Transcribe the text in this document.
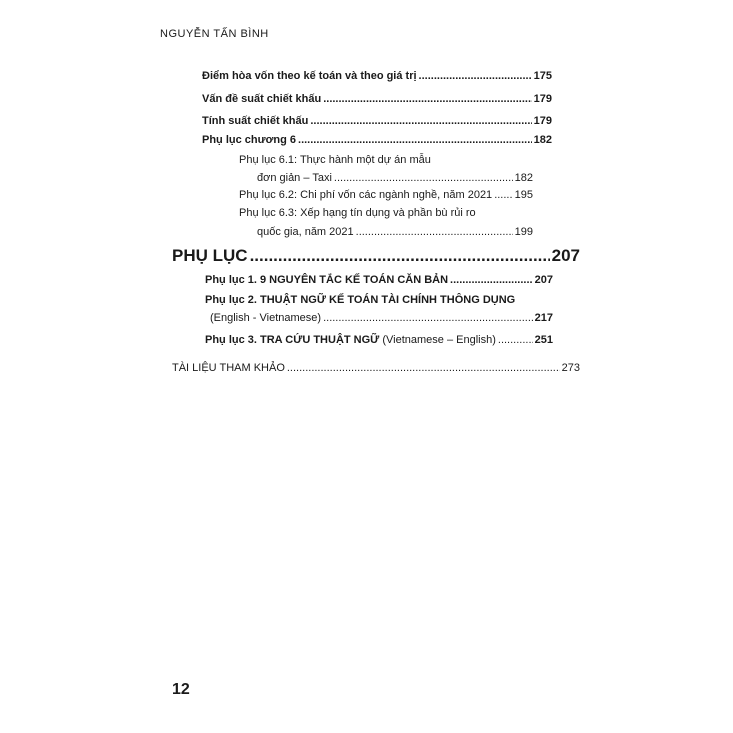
NGUYỄN TẤN BÌNH
Điểm hòa vốn theo kế toán và theo giá trị .....	175
Vấn đề suất chiết khấu .....	179
Tính suất chiết khấu .....	179
Phụ lục chương 6 .....	182
Phụ lục 6.1: Thực hành một dự án mẫu
đơn giản – Taxi .....	182
Phụ lục 6.2: Chi phí vốn các ngành nghề, năm 2021 ..... 195
Phụ lục 6.3: Xếp hạng tín dụng và phần bù rủi ro
quốc gia, năm 2021 .....	199
PHỤ LỤC .....	207
Phụ lục 1. 9 NGUYÊN TẮC KẾ TOÁN CĂN BẢN .....	207
Phụ lục 2. THUẬT NGỮ KẾ TOÁN TÀI CHÍNH THÔNG DỤNG
(English - Vietnamese) .....	217
Phụ lục 3. TRA CỨU THUẬT NGỮ (Vietnamese – English) .....	251
TÀI LIỆU THAM KHẢO .....	273
12
